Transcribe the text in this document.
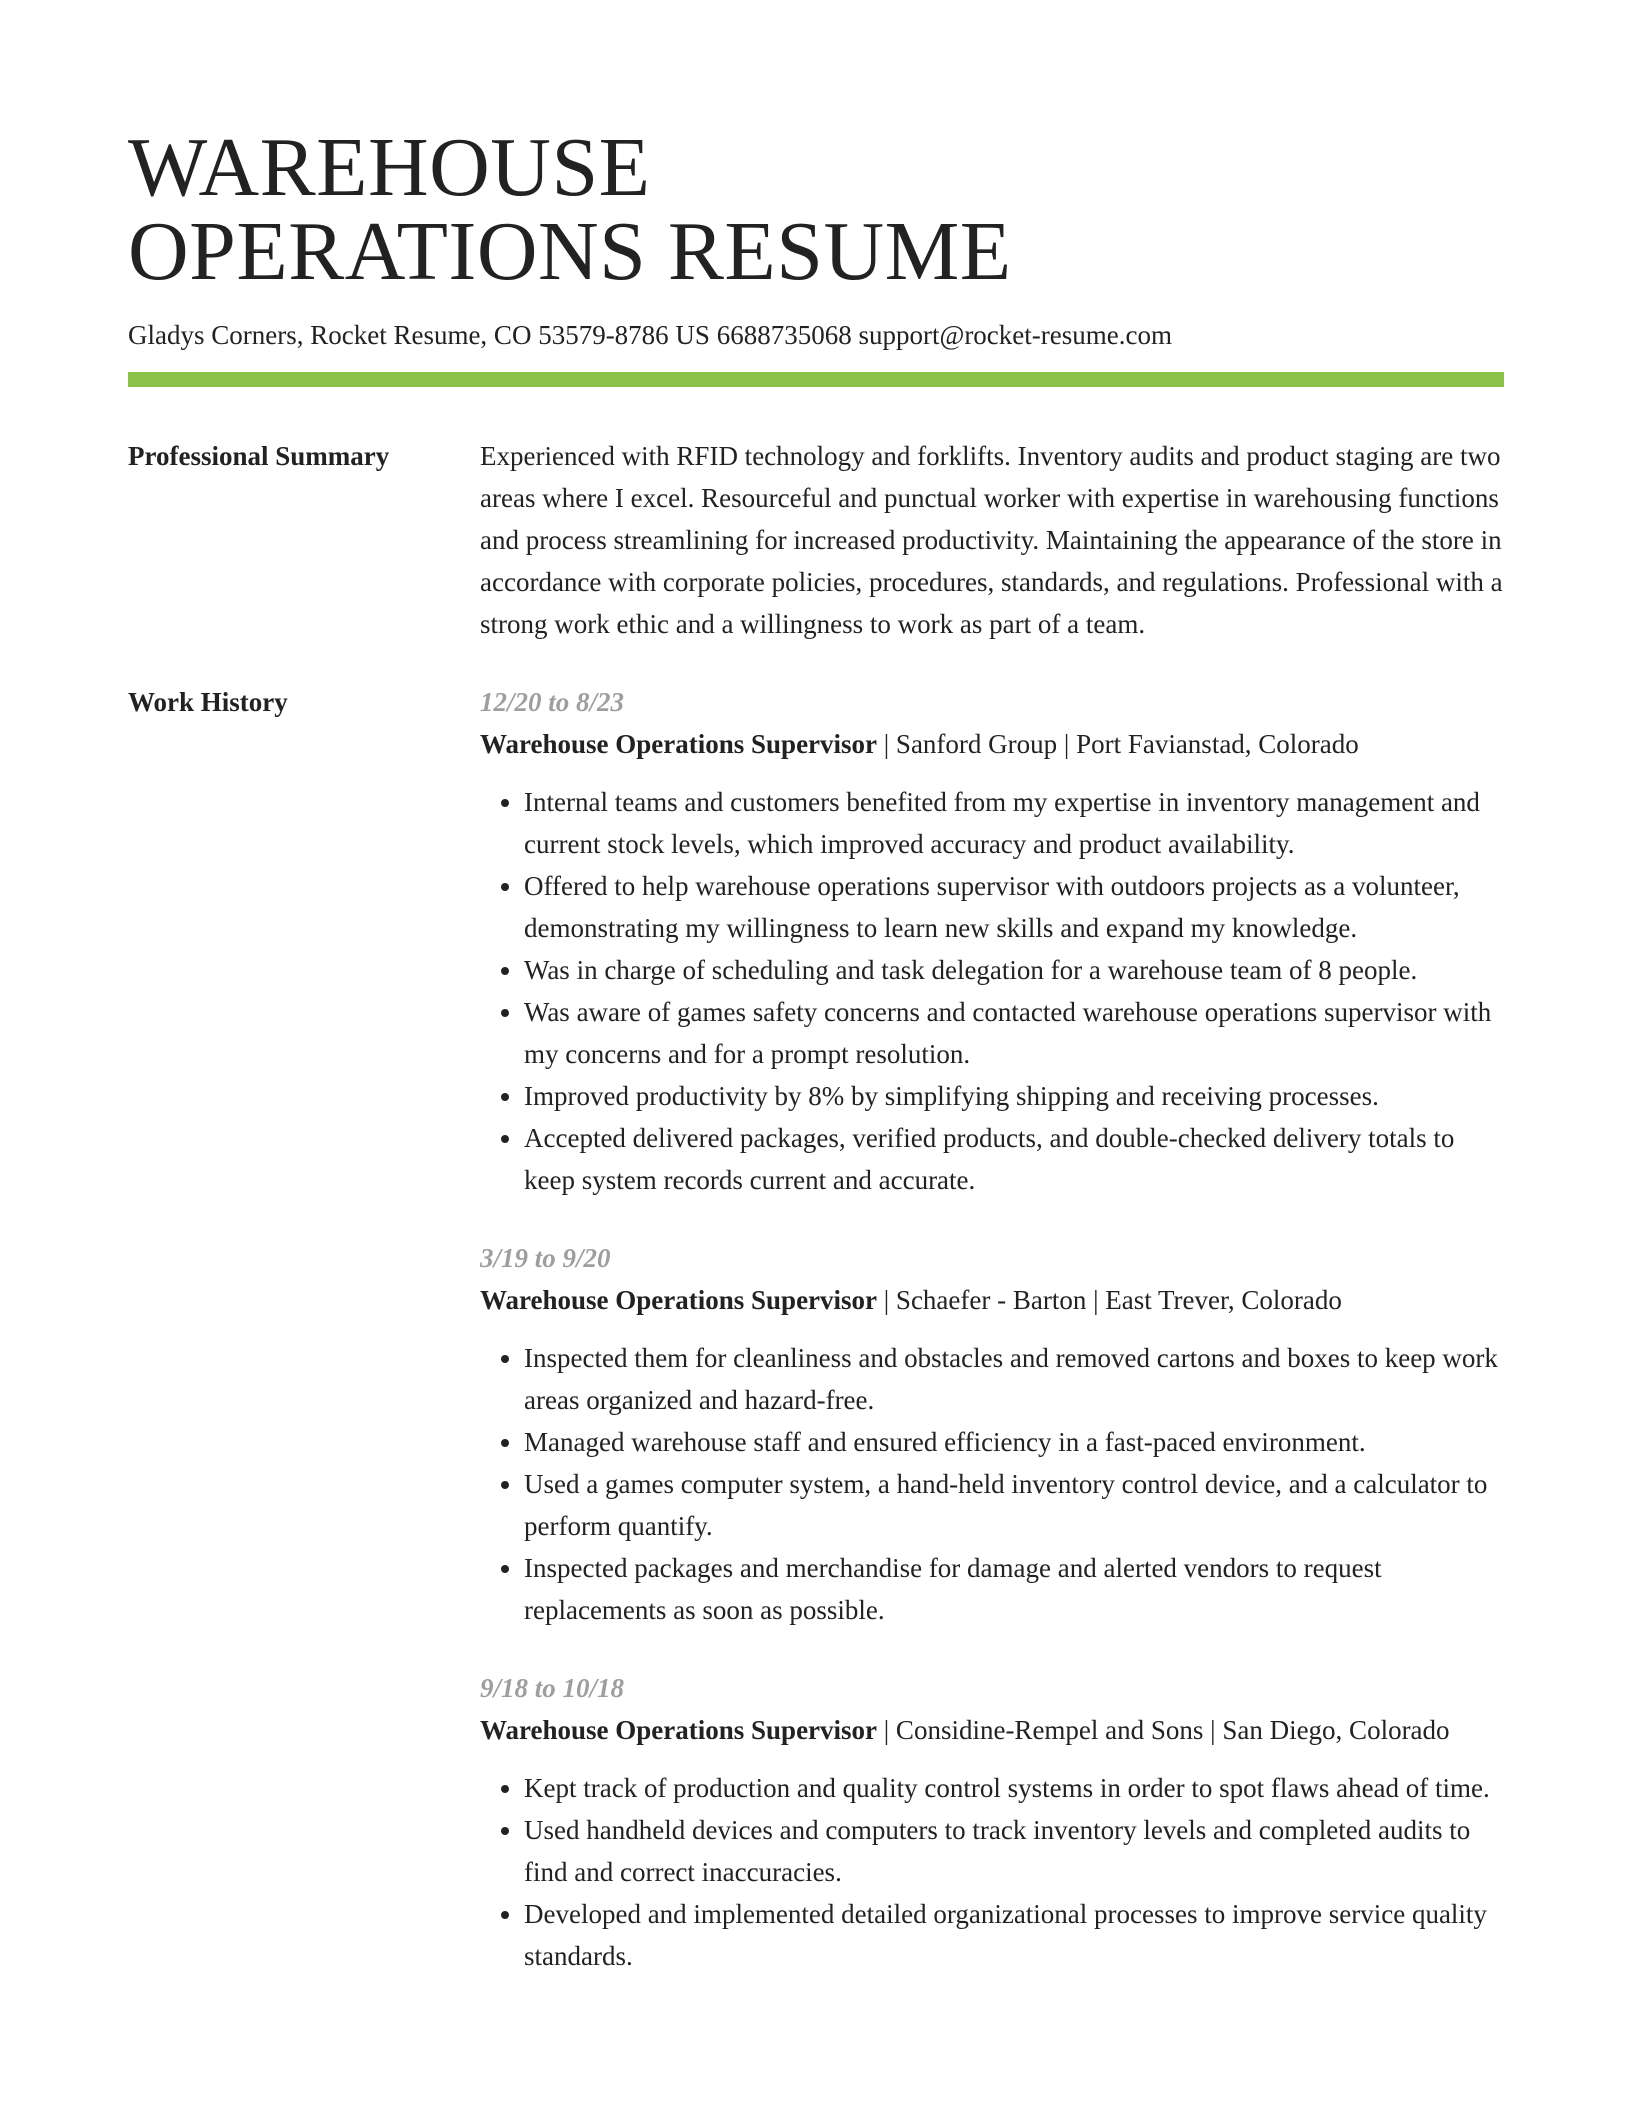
WAREHOUSE
OPERATIONS RESUME
Gladys Corners, Rocket Resume, CO 53579-8786 US 6688735068 support@rocket-resume.com
Professional Summary	Experienced with RFID technology and forklifts. Inventory audits and product staging are two areas where I excel. Resourceful and punctual worker with expertise in warehousing functions and process streamlining for increased productivity. Maintaining the appearance of the store in accordance with corporate policies, procedures, standards, and regulations. Professional with a strong work ethic and a willingness to work as part of a team.

Work History	12/20 to 8/23
Warehouse Operations Supervisor | Sanford Group | Port Favianstad, Colorado
• Internal teams and customers benefited from my expertise in inventory management and current stock levels, which improved accuracy and product availability.
• Offered to help warehouse operations supervisor with outdoors projects as a volunteer, demonstrating my willingness to learn new skills and expand my knowledge.
• Was in charge of scheduling and task delegation for a warehouse team of 8 people.
• Was aware of games safety concerns and contacted warehouse operations supervisor with my concerns and for a prompt resolution.
• Improved productivity by 8% by simplifying shipping and receiving processes.
• Accepted delivered packages, verified products, and double-checked delivery totals to keep system records current and accurate.
3/19 to 9/20
Warehouse Operations Supervisor | Schaefer - Barton | East Trever, Colorado
• Inspected them for cleanliness and obstacles and removed cartons and boxes to keep work areas organized and hazard-free.
• Managed warehouse staff and ensured efficiency in a fast-paced environment.
• Used a games computer system, a hand-held inventory control device, and a calculator to perform quantify.
• Inspected packages and merchandise for damage and alerted vendors to request replacements as soon as possible.
9/18 to 10/18
Warehouse Operations Supervisor | Considine-Rempel and Sons | San Diego, Colorado
• Kept track of production and quality control systems in order to spot flaws ahead of time.
• Used handheld devices and computers to track inventory levels and completed audits to find and correct inaccuracies.
• Developed and implemented detailed organizational processes to improve service quality standards.
